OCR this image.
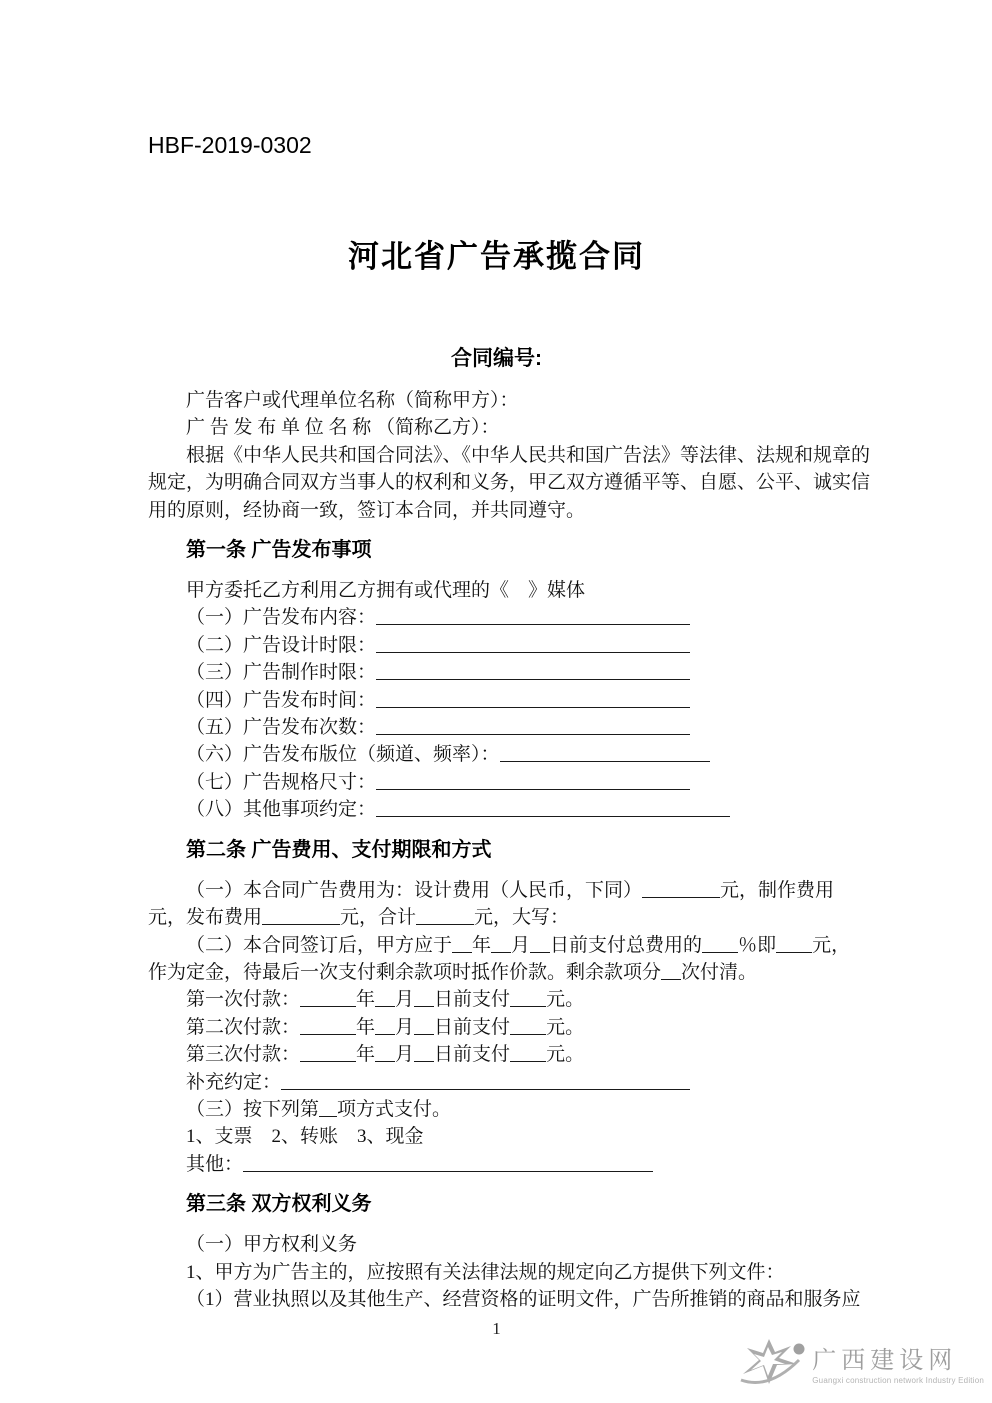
HBF-2019-0302

河北省广告承揽合同

合同编号:

广告客户或代理单位名称（简称甲方）：

广 告 发 布 单 位 名 称 （简称乙方）：

根据《中华人民共和国合同法》、《中华人民共和国广告法》等法律、法规和规章的

规定，为明确合同双方当事人的权利和义务，甲乙双方遵循平等、自愿、公平、诚实信

用的原则，经协商一致，签订本合同，并共同遵守。

第一条 广告发布事项

甲方委托乙方利用乙方拥有或代理的《　》媒体

（一）广告发布内容：

（二）广告设计时限：

（三）广告制作时限：

（四）广告发布时间：

（五）广告发布次数：

（六）广告发布版位（频道、频率）：

（七）广告规格尺寸：

（八）其他事项约定：

第二条 广告费用、支付期限和方式

（一）本合同广告费用为：设计费用（人民币，下同）	元，制作费用

元，发布费用	元，合计	元，大写：

（二）本合同签订后，甲方应于 年 月 日前支付总费用的 ％即 元，

作为定金，待最后一次支付剩余款项时抵作价款。剩余款项分 次付清。

第一次付款：	年 月 日前支付 元。

第二次付款：	年 月 日前支付 元。

第三次付款：	年 月 日前支付 元。

补充约定：

（三）按下列第 项方式支付。

1、支票　2、转账　3、现金

其他：

第三条 双方权利义务

（一）甲方权利义务

1、甲方为广告主的，应按照有关法律法规的规定向乙方提供下列文件：

（1）营业执照以及其他生产、经营资格的证明文件，广告所推销的商品和服务应

1

广西建设网
Guangxi construction network Industry Edition
